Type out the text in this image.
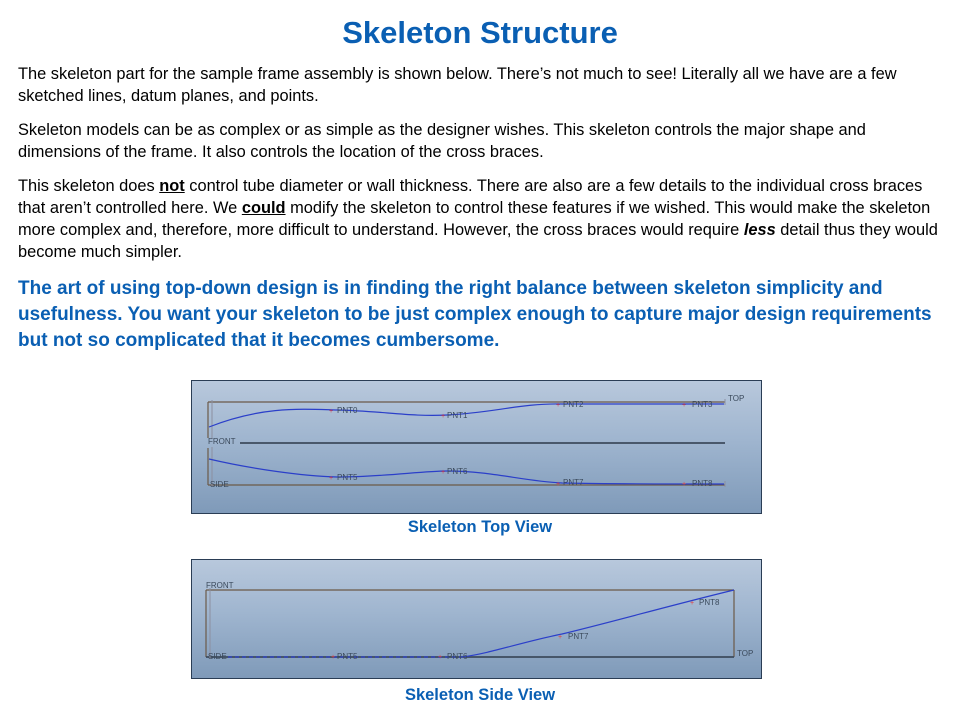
Skeleton Structure

The skeleton part for the sample frame assembly is shown below. There’s not much to see! Literally all we have are a few sketched lines, datum planes, and points.

Skeleton models can be as complex or as simple as the designer wishes. This skeleton controls the major shape and dimensions of the frame. It also controls the location of the cross braces.

This skeleton does not control tube diameter or wall thickness. There are also are a few details to the individual cross braces that aren’t controlled here. We could modify the skeleton to control these features if we wished. This would make the skeleton more complex and, therefore, more difficult to understand. However, the cross braces would require less detail thus they would become much simpler.

The art of using top-down design is in finding the right balance between skeleton simplicity and usefulness. You want your skeleton to be just complex enough to capture major design requirements but not so complicated that it becomes cumbersome.

+
+
+	+
+
+
+	+
TOP
FRONT
SIDE
PNT0
PNT1
PNT2	PNT3
PNT5
PNT6
PNT7	PNT8

Skeleton Top View

+	+
+
+
FRONT
SIDE	TOP
PNT5	PNT6
PNT7
PNT8

Skeleton Side View
